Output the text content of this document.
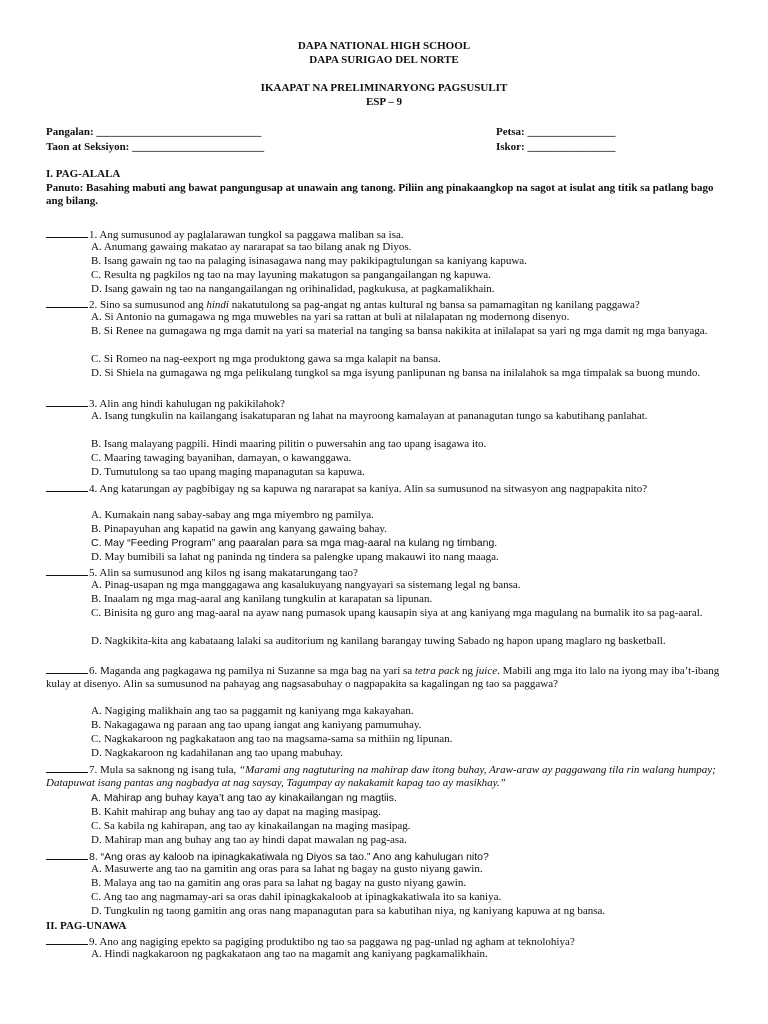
DAPA NATIONAL HIGH SCHOOL
DAPA SURIGAO DEL NORTE
IKAAPAT NA PRELIMINARYONG PAGSUSULIT
ESP – 9
Pangalan: ______________________________
Taon at Seksiyon: ________________________
Petsa: ________________
Iskor: ________________
I. PAG-ALALA
Panuto: Basahing mabuti ang bawat pangungusap at unawain ang tanong. Piliin ang pinakaangkop na sagot at isulat ang titik sa patlang bago ang bilang.
1. Ang sumusunod ay paglalarawan tungkol sa paggawa maliban sa isa.
A. Anumang gawaing makatao ay nararapat sa tao bilang anak ng Diyos.
B. Isang gawain ng tao na palaging isinasagawa nang may pakikipagtulungan sa kaniyang kapuwa.
C. Resulta ng pagkilos ng tao na may layuning makatugon sa pangangailangan ng kapuwa.
D. Isang gawain ng tao na nangangailangan ng orihinalidad, pagkukusa, at pagkamalikhain.
2. Sino sa sumusunod ang hindi nakatutulong sa pag-angat ng antas kultural ng bansa sa pamamagitan ng kanilang paggawa?
A. Si Antonio na gumagawa ng mga muwebles na yari sa rattan at buli at nilalapatan ng modernong disenyo.
B. Si Renee na gumagawa ng mga damit na yari sa material na tanging sa bansa nakikita at inilalapat sa yari ng mga damit ng mga banyaga.
C. Si Romeo na nag-eexport ng mga produktong gawa sa mga kalapit na bansa.
D. Si Shiela na gumagawa ng mga pelikulang tungkol sa mga isyung panlipunan ng bansa na inilalahok sa mga timpalak sa buong mundo.
3. Alin ang hindi kahulugan ng pakikilahok?
A. Isang tungkulin na kailangang isakatuparan ng lahat na mayroong kamalayan at pananagutan tungo sa kabutihang panlahat.
B. Isang malayang pagpili. Hindi maaring pilitin o puwersahin ang tao upang isagawa ito.
C. Maaring tawaging bayanihan, damayan, o kawanggawa.
D. Tumutulong sa tao upang maging mapanagutan sa kapuwa.
4. Ang katarungan ay pagbibigay ng sa kapuwa ng nararapat sa kaniya. Alin sa sumusunod na sitwasyon ang nagpapakita nito?
A. Kumakain nang sabay-sabay ang mga miyembro ng pamilya.
B. Pinapayuhan ang kapatid na gawin ang kanyang gawaing bahay.
C. May “Feeding Program” ang paaralan para sa mga mag-aaral na kulang ng timbang.
D. May bumibili sa lahat ng paninda ng tindera sa palengke upang makauwi ito nang maaga.
5. Alin sa sumusunod ang kilos ng isang makatarungang tao?
A. Pinag-usapan ng mga manggagawa ang kasalukuyang nangyayari sa sistemang legal ng bansa.
B. Inaalam ng mga mag-aaral ang kanilang tungkulin at karapatan sa lipunan.
C. Binisita ng guro ang mag-aaral na ayaw nang pumasok upang kausapin siya at ang kaniyang mga magulang na bumalik ito sa pag-aaral.
D. Nagkikita-kita ang kabataang lalaki sa auditorium ng kanilang barangay tuwing Sabado ng hapon upang maglaro ng basketball.
6. Maganda ang pagkagawa ng pamilya ni Suzanne sa mga bag na yari sa tetra pack ng juice. Mabili ang mga ito lalo na iyong may iba’t-ibang kulay at disenyo. Alin sa sumusunod na pahayag ang nagsasabuhay o nagpapakita sa kagalingan ng tao sa paggawa?
A. Nagiging malikhain ang tao sa paggamit ng kaniyang mga kakayahan.
B. Nakagagawa ng paraan ang tao upang iangat ang kaniyang pamumuhay.
C. Nagkakaroon ng pagkakataon ang tao na magsama-sama sa mithiin ng lipunan.
D. Nagkakaroon ng kadahilanan ang tao upang mabuhay.
7. Mula sa saknong ng isang tula, “Marami ang nagtuturing na mahirap daw itong buhay, Araw-araw ay paggawang tila rin walang humpay; Datapuwat isang pantas ang nagbadya at nag saysay, Tagumpay ay nakakamit kapag tao ay masikhay.”
A. Mahirap ang buhay kaya’t ang tao ay kinakailangan ng magtiis.
B. Kahit mahirap ang buhay ang tao ay dapat na maging masipag.
C. Sa kabila ng kahirapan, ang tao ay kinakailangan na maging masipag.
D. Mahirap man ang buhay ang tao ay hindi dapat mawalan ng pag-asa.
8. “Ang oras ay kaloob na ipinagkakatiwala ng Diyos sa tao.” Ano ang kahulugan nito?
A. Masuwerte ang tao na gamitin ang oras para sa lahat ng bagay na gusto niyang gawin.
B. Malaya ang tao na gamitin ang oras para sa lahat ng bagay na gusto niyang gawin.
C. Ang tao ang nagmamay-ari sa oras dahil ipinagkakaloob at ipinagkakatiwala ito sa kaniya.
D. Tungkulin ng taong gamitin ang oras nang mapanagutan para sa kabutihan niya, ng kaniyang kapuwa at ng bansa.
II. PAG-UNAWA
9. Ano ang nagiging epekto sa pagiging produktibo ng tao sa paggawa ng pag-unlad ng agham at teknolohiya?
A. Hindi nagkakaroon ng pagkakataon ang tao na magamit ang kaniyang pagkamalikhain.
